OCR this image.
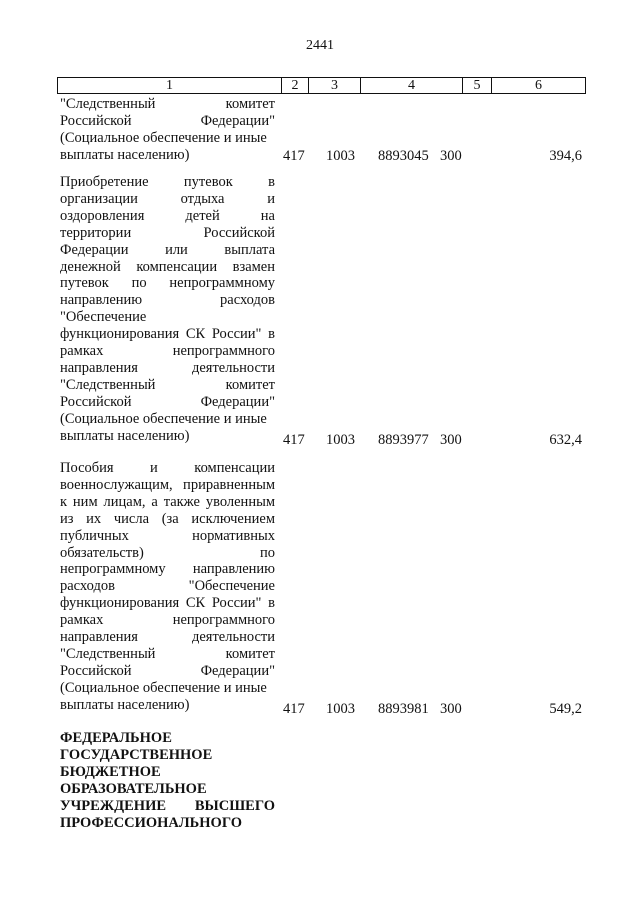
2441
1	2	3	4	5	6
"Следственный комитет
Российской Федерации"
(Социальное обеспечение и иные
выплаты населению)	417 1003 8893045 300	394,6
Приобретение путевок в
организации отдыха и
оздоровления детей на
территории Российской
Федерации или выплата
денежной компенсации взамен
путевок по непрограммному
направлению расходов
"Обеспечение
функционирования СК России" в
рамках непрограммного
направления деятельности
"Следственный комитет
Российской Федерации"
(Социальное обеспечение и иные
выплаты населению)	417 1003 8893977 300	632,4
Пособия и компенсации
военнослужащим, приравненным
к ним лицам, а также уволенным
из их числа (за исключением
публичных нормативных
обязательств) по
непрограммному направлению
расходов "Обеспечение
функционирования СК России" в
рамках непрограммного
направления деятельности
"Следственный комитет
Российской Федерации"
(Социальное обеспечение и иные
выплаты населению)	417 1003 8893981 300	549,2
ФЕДЕРАЛЬНОЕ
ГОСУДАРСТВЕННОЕ
БЮДЖЕТНОЕ
ОБРАЗОВАТЕЛЬНОЕ
УЧРЕЖДЕНИЕ ВЫСШЕГО
ПРОФЕССИОНАЛЬНОГО
